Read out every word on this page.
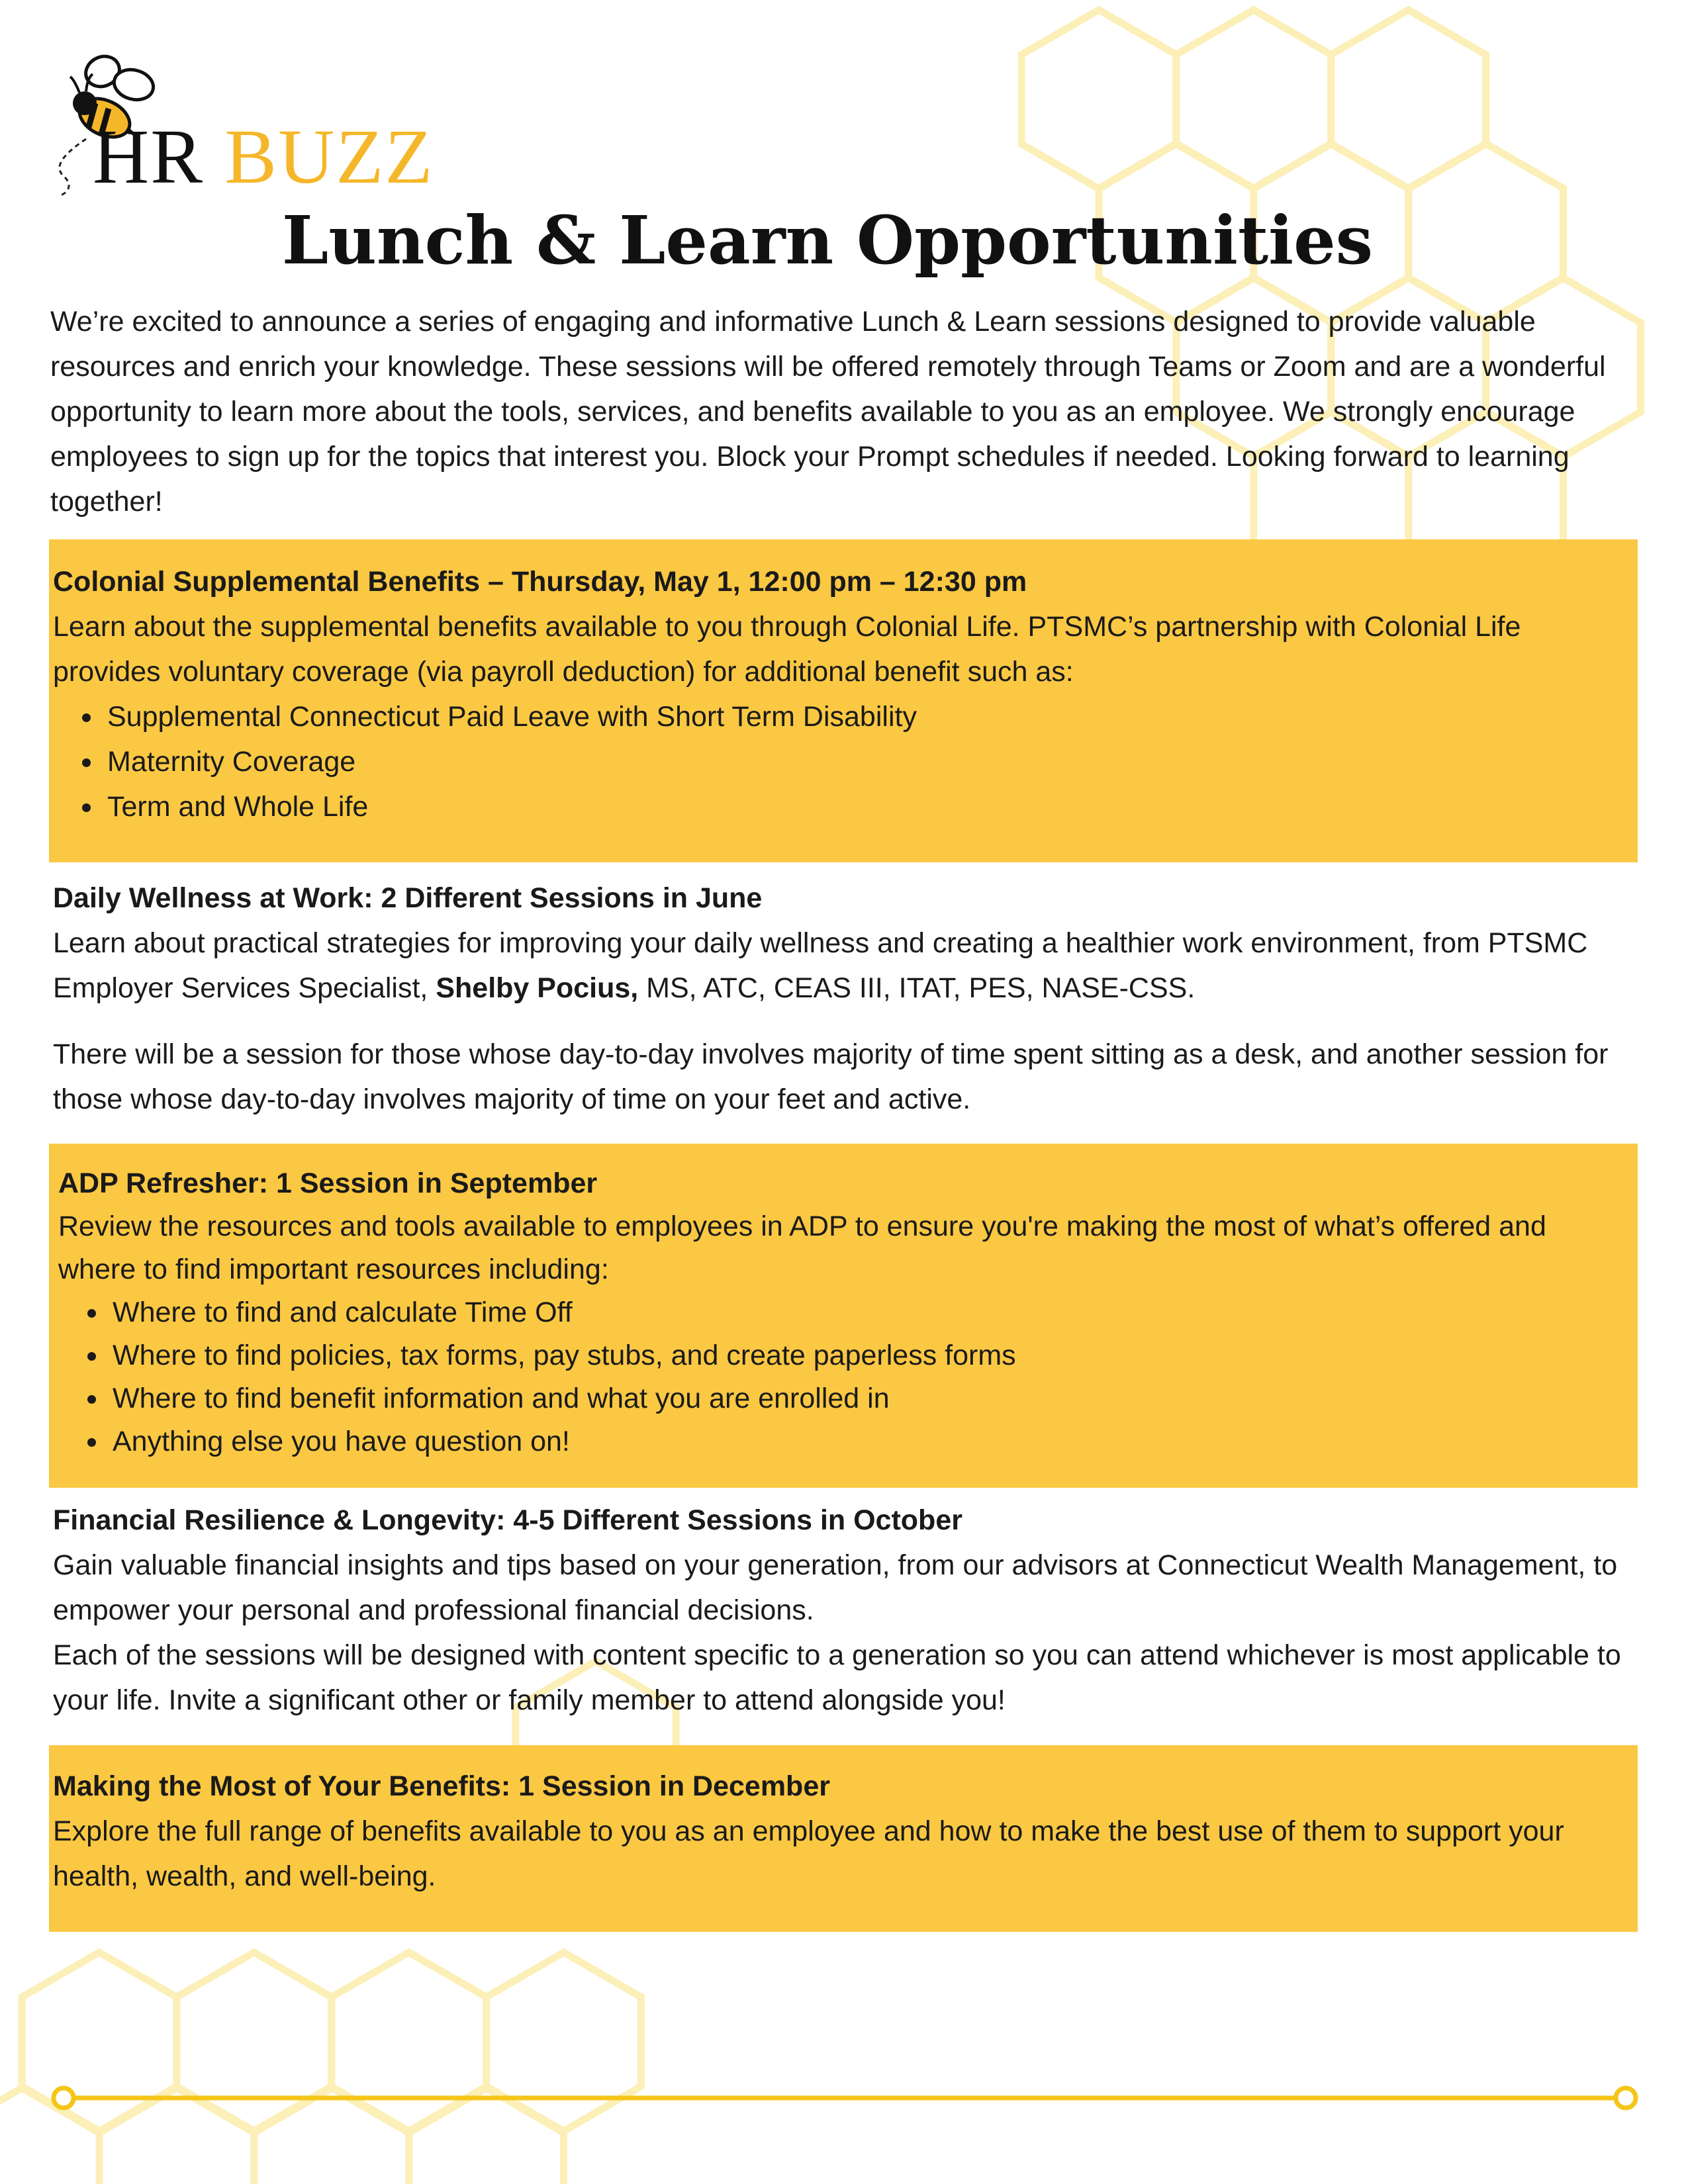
HR BUZZ
Lunch & Learn Opportunities

We’re excited to announce a series of engaging and informative Lunch & Learn sessions designed to provide valuable resources and enrich your knowledge. These sessions will be offered remotely through Teams or Zoom and are a wonderful opportunity to learn more about the tools, services, and benefits available to you as an employee. We strongly encourage employees to sign up for the topics that interest you. Block your Prompt schedules if needed. Looking forward to learning together!

Colonial Supplemental Benefits – Thursday, May 1, 12:00 pm – 12:30 pm

Learn about the supplemental benefits available to you through Colonial Life. PTSMC’s partnership with Colonial Life provides voluntary coverage (via payroll deduction) for additional benefit such as:

• Supplemental Connecticut Paid Leave with Short Term Disability
• Maternity Coverage
• Term and Whole Life

Daily Wellness at Work: 2 Different Sessions in June

Learn about practical strategies for improving your daily wellness and creating a healthier work environment, from PTSMC Employer Services Specialist, Shelby Pocius, MS, ATC, CEAS III, ITAT, PES, NASE-CSS.

There will be a session for those whose day-to-day involves majority of time spent sitting as a desk, and another session for those whose day-to-day involves majority of time on your feet and active.

ADP Refresher: 1 Session in September

Review the resources and tools available to employees in ADP to ensure you're making the most of what’s offered and where to find important resources including:

• Where to find and calculate Time Off
• Where to find policies, tax forms, pay stubs, and create paperless forms
• Where to find benefit information and what you are enrolled in
• Anything else you have question on!

Financial Resilience & Longevity: 4-5 Different Sessions in October

Gain valuable financial insights and tips based on your generation, from our advisors at Connecticut Wealth Management, to empower your personal and professional financial decisions.

Each of the sessions will be designed with content specific to a generation so you can attend whichever is most applicable to your life. Invite a significant other or family member to attend alongside you!

Making the Most of Your Benefits: 1 Session in December

Explore the full range of benefits available to you as an employee and how to make the best use of them to support your health, wealth, and well-being.
